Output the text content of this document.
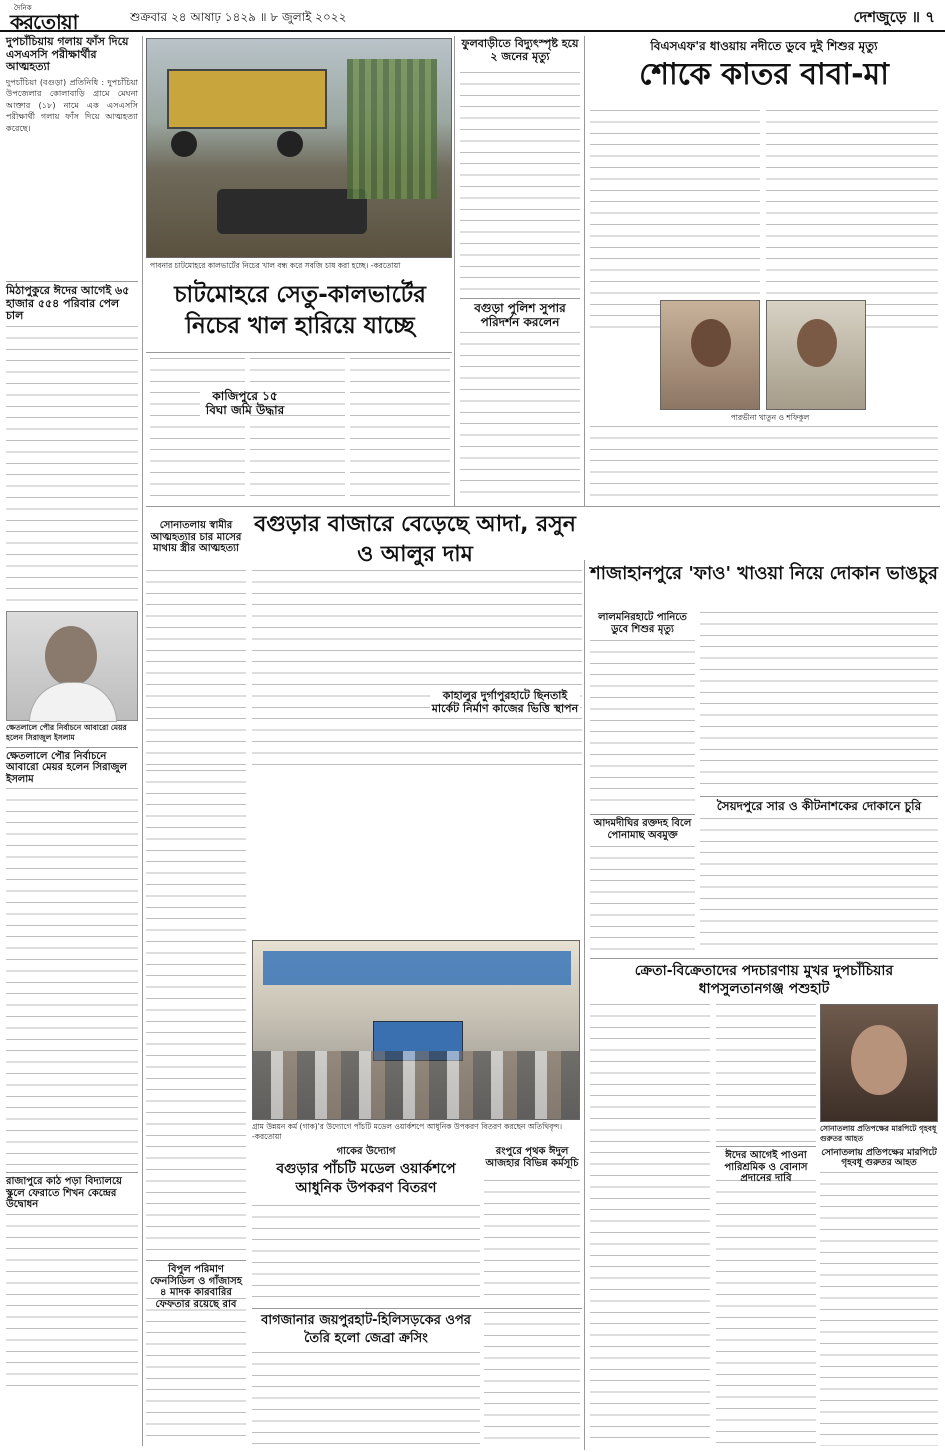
দৈনিক
করতোয়া	শুক্রবার ২৪ আষাঢ় ১৪২৯ ॥ ৮ জুলাই ২০২২	দেশজুড়ে ॥ ৭
দুপচাঁচিয়ায় গলায় ফাঁস দিয়ে এসএসসি পরীক্ষার্থীর আত্মহত্যা
দুপচাঁচিয়া (বগুড়া) প্রতিনিধি : দুপচাঁচিয়া উপজেলার কোলাবাড়ি গ্রামে মেঘনা আক্তার (১৮) নামে এক এসএসসি পরীক্ষার্থী গলায় ফাঁস দিয়ে আত্মহত্যা করেছে।
মিঠাপুকুরে ঈদের আগেই ৬৫ হাজার ৫৫৪ পরিবার পেল চাল
ক্ষেতলালে পৌর নির্বাচনে আবারো মেয়র হলেন সিরাজুল ইসলাম
ক্ষেতলালে পৌর নির্বাচনে আবারো মেয়র হলেন সিরাজুল ইসলাম
রাজাপুরে কাঠ পড়া বিদ্যালয়ে স্কুলে ফেরাতে শিখন কেন্দ্রের উদ্বোধন
পাবনার চাটমোহরে কালভার্টের নিচের খাল বন্ধ করে সবজি চাষ করা হচ্ছে। -করতোয়া
চাটমোহরে সেতু-কালভার্টের নিচের খাল হারিয়ে যাচ্ছে
কাজিপুরে ১৫ বিঘা জমি উদ্ধার
ফুলবাড়ীতে বিদ্যুৎস্পৃষ্ট হয়ে ২ জনের মৃত্যু
বগুড়া পুলিশ সুপার পরিদর্শন করলেন
বিএসএফ'র ধাওয়ায় নদীতে ডুবে দুই শিশুর মৃত্যু
শোকে কাতর বাবা-মা
পারভীনা খাতুন ও শফিকুল
বগুড়ার বাজারে বেড়েছে আদা, রসুন ও আলুর দাম
সোনাতলায় স্বামীর আত্মহত্যার চার মাসের মাথায় স্ত্রীর আত্মহত্যা
কাহালুর দুর্গাপুরহাটে ছিনতাই মার্কেট নির্মাণ কাজের ভিত্তি স্থাপন
শাজাহানপুরে 'ফাও' খাওয়া নিয়ে দোকান ভাঙচুর
লালমনিরহাটে পানিতে ডুবে শিশুর মৃত্যু
আদমদীঘির রক্তদহ বিলে পোনামাছ অবমুক্ত
সৈয়দপুরে সার ও কীটনাশকের দোকানে চুরি
গ্রাম উন্নয়ন কর্ম (গাক)'র উদ্যোগে পাঁচটি মডেল ওয়ার্কশপে আধুনিক উপকরণ বিতরণ করছেন অতিথিবৃন্দ। -করতোয়া
গাকের উদ্যোগ
বগুড়ার পাঁচটি মডেল ওয়ার্কশপে আধুনিক উপকরণ বিতরণ
বিপুল পরিমাণ ফেনসিডিল ও গাঁজাসহ ৪ মাদক কারবারির ফেফতার রয়েছে রাব
রংপুরে পৃথক ঈদুল আজহার বিভিন্ন কর্মসূচি
বাগজানার জয়পুরহাট-হিলিসড়কের ওপর তৈরি হলো জেব্রা ক্রসিং
ক্রেতা-বিক্রেতাদের পদচারণায় মুখর দুপচাঁচিয়ার ধাপসুলতানগঞ্জ পশুহাট
সোনাতলায় প্রতিপক্ষের মারপিটে গৃহবধূ গুরুতর আহত
ঈদের আগেই পাওনা পারিশ্রমিক ও বোনাস প্রদানের দাবি
সোনাতলায় প্রতিপক্ষের মারপিটে গৃহবধূ গুরুতর আহত
